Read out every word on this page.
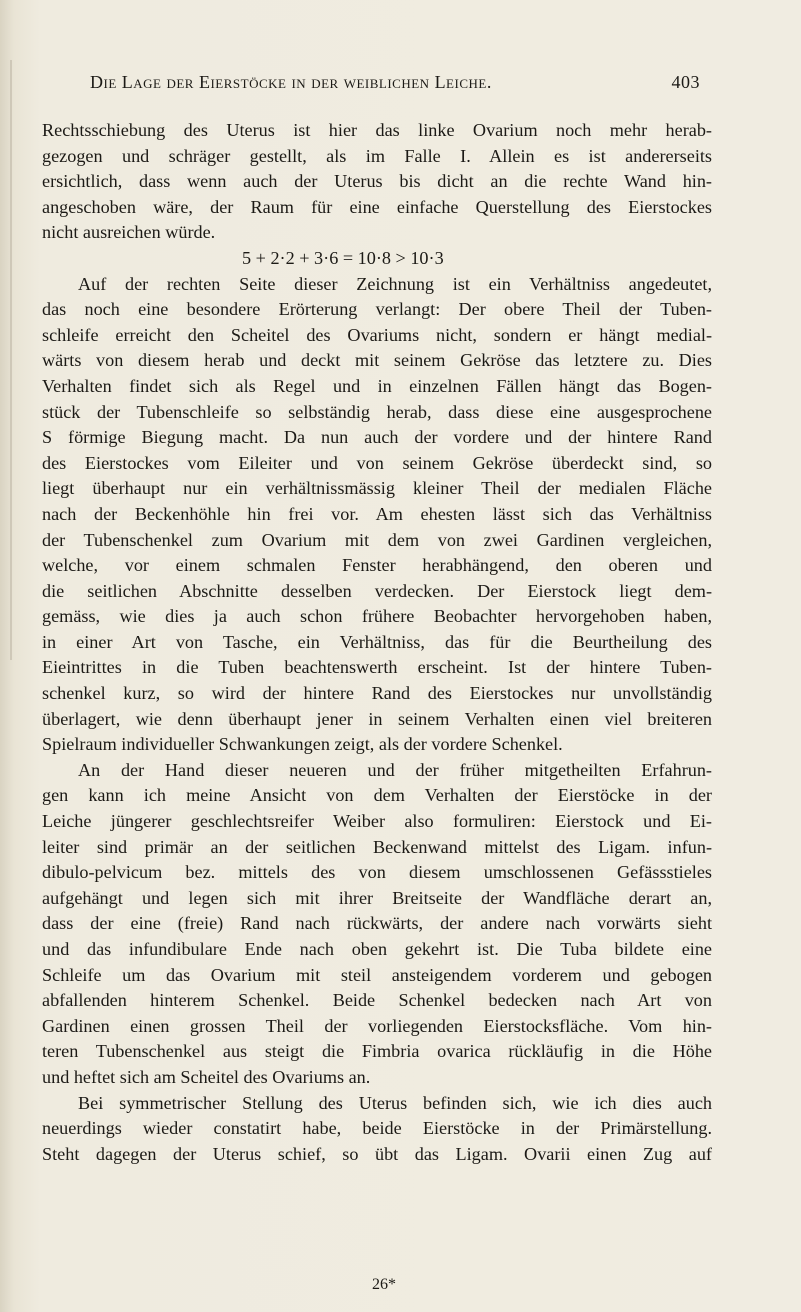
Die Lage der Eierstöcke in der weiblichen Leiche.	403
Rechtsschiebung des Uterus ist hier das linke Ovarium noch mehr herab-
gezogen und schräger gestellt, als im Falle I. Allein es ist andererseits
ersichtlich, dass wenn auch der Uterus bis dicht an die rechte Wand hin-
angeschoben wäre, der Raum für eine einfache Querstellung des Eierstockes
nicht ausreichen würde.
5 + 2·2 + 3·6 = 10·8 > 10·3
Auf der rechten Seite dieser Zeichnung ist ein Verhältniss angedeutet,
das noch eine besondere Erörterung verlangt: Der obere Theil der Tuben-
schleife erreicht den Scheitel des Ovariums nicht, sondern er hängt medial-
wärts von diesem herab und deckt mit seinem Gekröse das letztere zu. Dies
Verhalten findet sich als Regel und in einzelnen Fällen hängt das Bogen-
stück der Tubenschleife so selbständig herab, dass diese eine ausgesprochene
S förmige Biegung macht. Da nun auch der vordere und der hintere Rand
des Eierstockes vom Eileiter und von seinem Gekröse überdeckt sind, so
liegt überhaupt nur ein verhältnissmässig kleiner Theil der medialen Fläche
nach der Beckenhöhle hin frei vor. Am ehesten lässt sich das Verhältniss
der Tubenschenkel zum Ovarium mit dem von zwei Gardinen vergleichen,
welche, vor einem schmalen Fenster herabhängend, den oberen und
die seitlichen Abschnitte desselben verdecken. Der Eierstock liegt dem-
gemäss, wie dies ja auch schon frühere Beobachter hervorgehoben haben,
in einer Art von Tasche, ein Verhältniss, das für die Beurtheilung des
Eieintrittes in die Tuben beachtenswerth erscheint. Ist der hintere Tuben-
schenkel kurz, so wird der hintere Rand des Eierstockes nur unvollständig
überlagert, wie denn überhaupt jener in seinem Verhalten einen viel breiteren
Spielraum individueller Schwankungen zeigt, als der vordere Schenkel.
An der Hand dieser neueren und der früher mitgetheilten Erfahrun-
gen kann ich meine Ansicht von dem Verhalten der Eierstöcke in der
Leiche jüngerer geschlechtsreifer Weiber also formuliren: Eierstock und Ei-
leiter sind primär an der seitlichen Beckenwand mittelst des Ligam. infun-
dibulo-pelvicum bez. mittels des von diesem umschlossenen Gefässstieles
aufgehängt und legen sich mit ihrer Breitseite der Wandfläche derart an,
dass der eine (freie) Rand nach rückwärts, der andere nach vorwärts sieht
und das infundibulare Ende nach oben gekehrt ist. Die Tuba bildete eine
Schleife um das Ovarium mit steil ansteigendem vorderem und gebogen
abfallenden hinterem Schenkel. Beide Schenkel bedecken nach Art von
Gardinen einen grossen Theil der vorliegenden Eierstocksfläche. Vom hin-
teren Tubenschenkel aus steigt die Fimbria ovarica rückläufig in die Höhe
und heftet sich am Scheitel des Ovariums an.
Bei symmetrischer Stellung des Uterus befinden sich, wie ich dies auch
neuerdings wieder constatirt habe, beide Eierstöcke in der Primärstellung.
Steht dagegen der Uterus schief, so übt das Ligam. Ovarii einen Zug auf
26*
